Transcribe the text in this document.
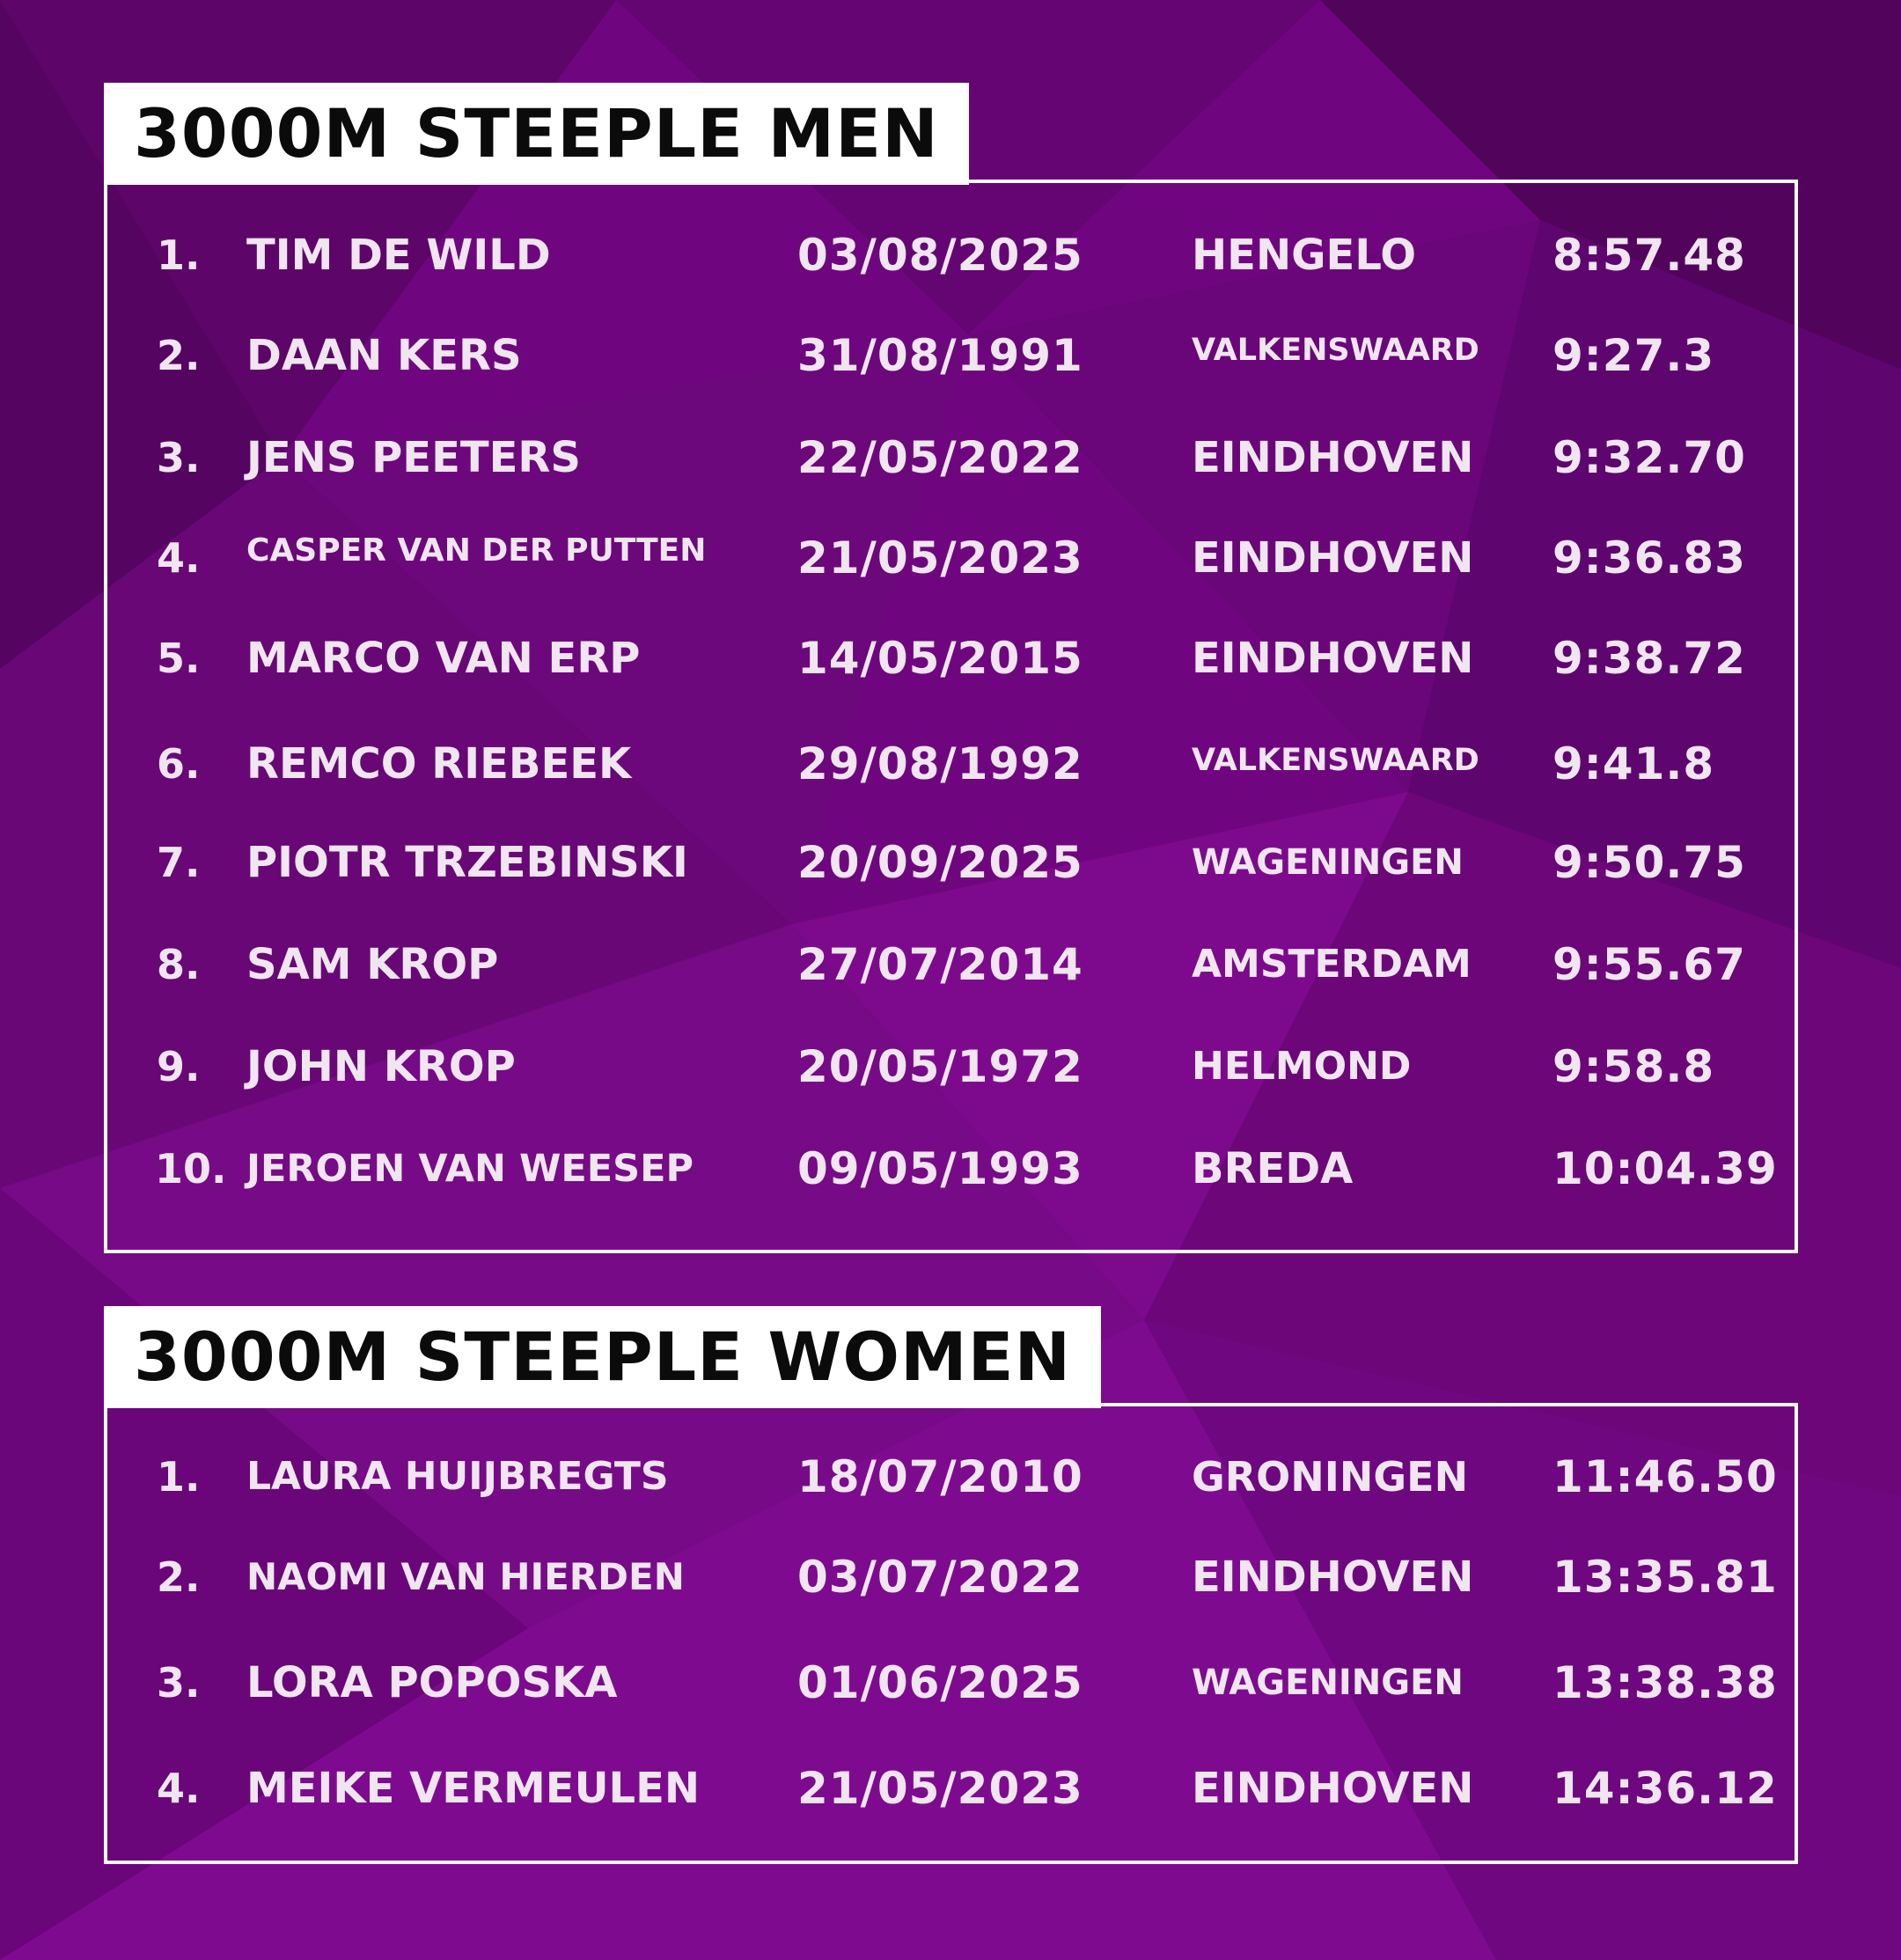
3000M STEEPLE MEN
1. TIM DE WILD	03/08/2025	HENGELO	8:57.48
2. DAAN KERS	31/08/1991	VALKENSWAARD 9:27.3
3. JENS PEETERS	22/05/2022	EINDHOVEN 9:32.70
4. CASPER VAN DER PUTTEN 21/05/2023	EINDHOVEN 9:36.83
5. MARCO VAN ERP	14/05/2015	EINDHOVEN 9:38.72
6. REMCO RIEBEEK	29/08/1992	VALKENSWAARD 9:41.8
7. PIOTR TRZEBINSKI 20/09/2025	WAGENINGEN 9:50.75
8. SAM KROP	27/07/2014	AMSTERDAM 9:55.67
9. JOHN KROP	20/05/1972	HELMOND	9:58.8
10. JEROEN VAN WEESEP 09/05/1993	BREDA	10:04.39
3000M STEEPLE WOMEN
1. LAURA HUIJBREGTS	18/07/2010	GRONINGEN 11:46.50
2. NAOMI VAN HIERDEN	03/07/2022	EINDHOVEN 13:35.81
3. LORA POPOSKA	01/06/2025	WAGENINGEN 13:38.38
4. MEIKE VERMEULEN 21/05/2023	EINDHOVEN 14:36.12
